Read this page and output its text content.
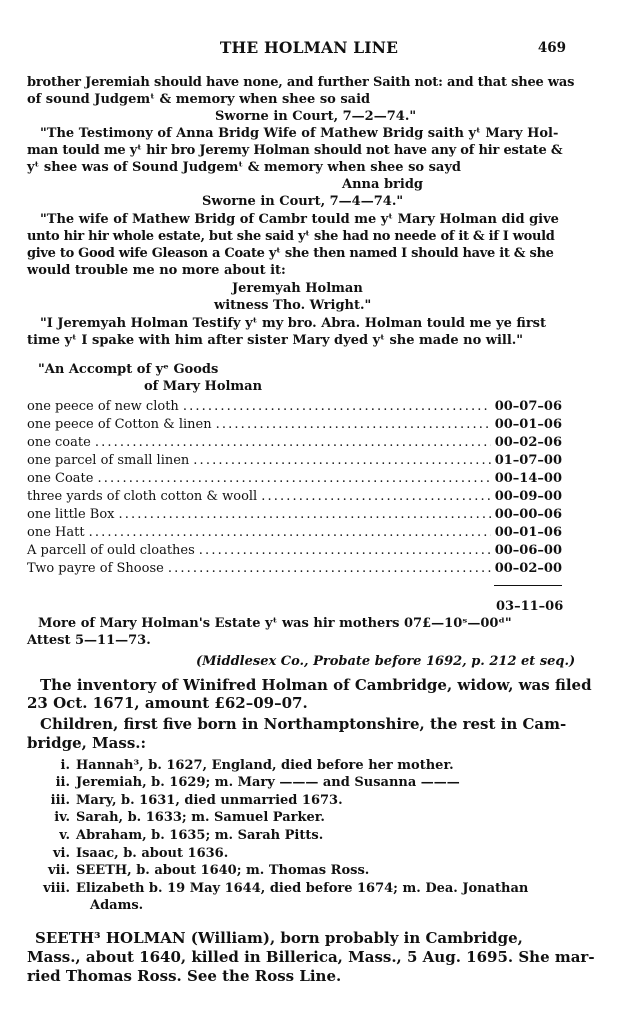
THE HOLMAN LINE	469
brother Jeremiah should have none, and further Saith not: and that shee was
of sound Judgemᵗ & memory when shee so said
Sworne in Court, 7—2—74."
"The Testimony of Anna Bridg Wife of Mathew Bridg saith yᵗ Mary Hol-
man tould me yᵗ hir bro Jeremy Holman should not have any of hir estate &
yᵗ shee was of Sound Judgemᵗ & memory when shee so sayd
Anna bridg
Sworne in Court, 7—4—74."
"The wife of Mathew Bridg of Cambr tould me yᵗ Mary Holman did give
unto hir hir whole estate, but she said yᵗ she had no neede of it & if I would
give to Good wife Gleason a Coate yᵗ she then named I should have it & she
would trouble me no more about it:
Jeremyah Holman
witness Tho. Wright."
"I Jeremyah Holman Testify yᵗ my bro. Abra. Holman tould me ye first
time yᵗ I spake with him after sister Mary dyed yᵗ she made no will."
"An Accompt of yᵉ Goods
of Mary Holman
one peece of new cloth . . .	00–07–06
one peece of Cotton & linen . . .	00–01–06
one coate . . .	00–02–06
one parcel of small linen . . .	01–07–00
one Coate . . .	00–14–00
three yards of cloth cotton & wooll . . .	00–09–00
one little Box . . .	00–00–06
one Hatt . . .	00–01–06
A parcell of ould cloathes . . .	00–06–00
Two payre of Shoose . . .	00–02–00
03–11–06
More of Mary Holman's Estate yᵗ was hir mothers 07£—10ˢ—00ᵈ"
Attest 5—11—73.
(Middlesex Co., Probate before 1692, p. 212 et seq.)
The inventory of Winifred Holman of Cambridge, widow, was filed
23 Oct. 1671, amount £62–09–07.
Children, first five born in Northamptonshire, the rest in Cam-
bridge, Mass.:
i. Hannah³, b. 1627, England, died before her mother.
ii. Jeremiah, b. 1629; m. Mary ——— and Susanna ———
iii. Mary, b. 1631, died unmarried 1673.
iv. Sarah, b. 1633; m. Samuel Parker.
v. Abraham, b. 1635; m. Sarah Pitts.
vi. Isaac, b. about 1636.
vii. SEETH, b. about 1640; m. Thomas Ross.
viii. Elizabeth b. 19 May 1644, died before 1674; m. Dea. Jonathan
Adams.
SEETH³ HOLMAN (William), born probably in Cambridge,
Mass., about 1640, killed in Billerica, Mass., 5 Aug. 1695. She mar-
ried Thomas Ross. See the Ross Line.
